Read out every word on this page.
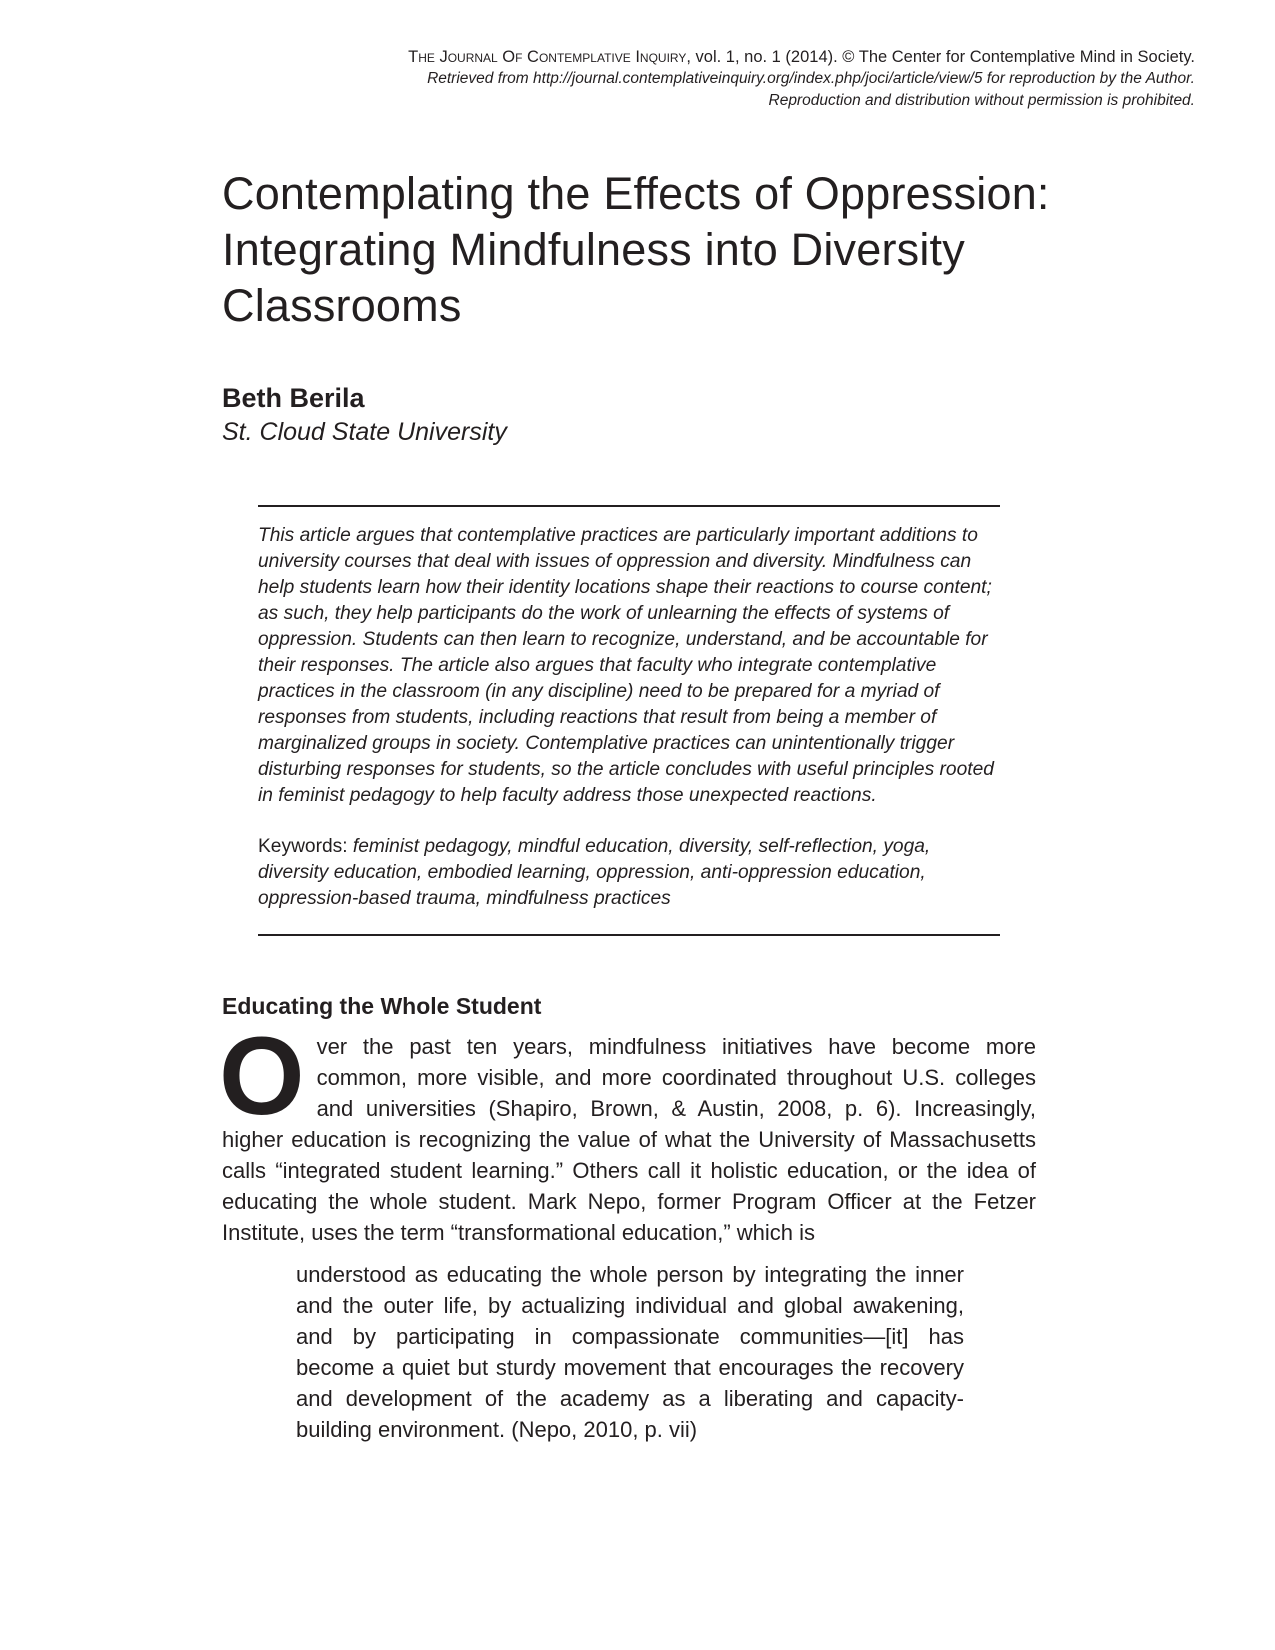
The Journal Of Contemplative Inquiry, vol. 1, no. 1 (2014). © The Center for Contemplative Mind in Society.
Retrieved from http://journal.contemplativeinquiry.org/index.php/joci/article/view/5 for reproduction by the Author.
Reproduction and distribution without permission is prohibited.
Contemplating the Effects of Oppression:
Integrating Mindfulness into Diversity
Classrooms
Beth Berila
St. Cloud State University

This article argues that contemplative practices are particularly important additions to university courses that deal with issues of oppression and diversity. Mindfulness can help students learn how their identity locations shape their reactions to course content; as such, they help participants do the work of unlearning the effects of systems of oppression. Students can then learn to recognize, understand, and be accountable for their responses. The article also argues that faculty who integrate contemplative practices in the classroom (in any discipline) need to be prepared for a myriad of responses from students, including reactions that result from being a member of marginalized groups in society. Contemplative practices can unintentionally trigger disturbing responses for students, so the article concludes with useful principles rooted in feminist pedagogy to help faculty address those unexpected reactions.

Keywords: feminist pedagogy, mindful education, diversity, self-reflection, yoga, diversity education, embodied learning, oppression, anti-oppression education, oppression-based trauma, mindfulness practices

Educating the Whole Student

Over the past ten years, mindfulness initiatives have become more common, more visible, and more coordinated throughout U.S. colleges and universities (Shapiro, Brown, & Austin, 2008, p. 6). Increasingly, higher education is recognizing the value of what the University of Massachusetts calls “integrated student learning.” Others call it holistic education, or the idea of educating the whole student. Mark Nepo, former Program Officer at the Fetzer Institute, uses the term “transformational education,” which is

understood as educating the whole person by integrating the inner and the outer life, by actualizing individual and global awakening, and by participating in compassionate communities—[it] has become a quiet but sturdy movement that encourages the recovery and development of the academy as a liberating and capacity-building environment. (Nepo, 2010, p. vii)
